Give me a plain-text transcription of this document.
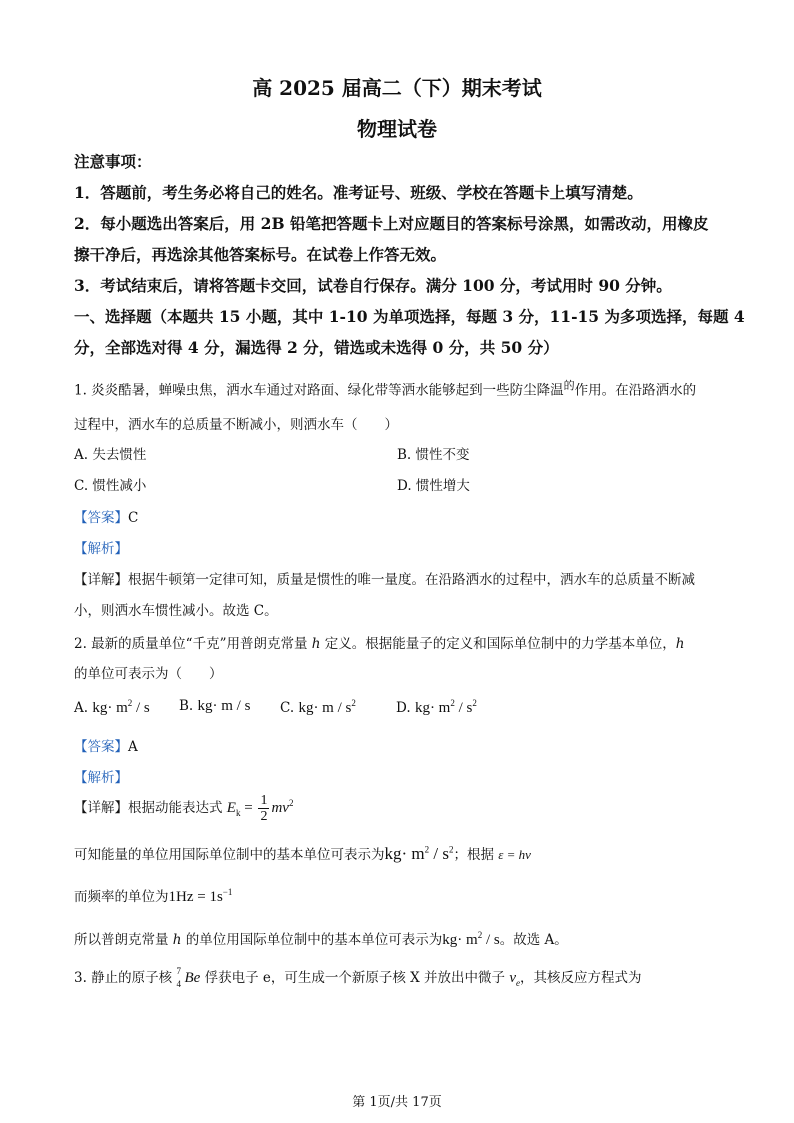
高 2025 届高二（下）期末考试
物理试卷
注意事项：
1．答题前，考生务必将自己的姓名。准考证号、班级、学校在答题卡上填写清楚。
2．每小题选出答案后，用 2B 铅笔把答题卡上对应题目的答案标号涂黑，如需改动，用橡皮
擦干净后，再选涂其他答案标号。在试卷上作答无效。
3．考试结束后，请将答题卡交回，试卷自行保存。满分 100 分，考试用时 90 分钟。
一、选择题（本题共 15 小题，其中 1-10 为单项选择，每题 3 分，11-15 为多项选择，每题 4
分，全部选对得 4 分，漏选得 2 分，错选或未选得 0 分，共 50 分）
1. 炎炎酷暑，蝉噪虫焦，洒水车通过对路面、绿化带等洒水能够起到一些防尘降温$^的$作用。在沿路洒水的
过程中，洒水车的总质量不断减小，则洒水车（　　）
A. 失去惯性	B. 惯性不变
C. 惯性减小	D. 惯性增大
【答案】C
【解析】
【详解】根据牛顿第一定律可知，质量是惯性的唯一量度。在沿路洒水的过程中，洒水车的总质量不断减
小，则洒水车惯性减小。故选 C。
2. 最新的质量单位“千克”用普朗克常量 h 定义。根据能量子的定义和国际单位制中的力学基本单位，h
的单位可表示为（　　）
A. $kg\cdot m^2 / s$ B. kg· m / s C. $kg\cdot m / s^2$	D. $kg\cdot m^2 / s^2$
【答案】A
【解析】
【详解】根据动能表达式 $E_k = \frac{1}{2} mv^2$
可知能量的单位用国际单位制中的基本单位可表示为$kg\cdot m^2 / s^2$；根据 ε = hν
而频率的单位为$1Hz = 1s^{-1}$
所以普朗克常量 h 的单位用国际单位制中的基本单位可表示为$kg\cdot m^2 / s$。故选 A。
3. 静止的原子核 7
4 Be 俘获电子 e，可生成一个新原子核 X 并放出中微子 $v_e$，其核反应方程式为
第 1页/共 17页
